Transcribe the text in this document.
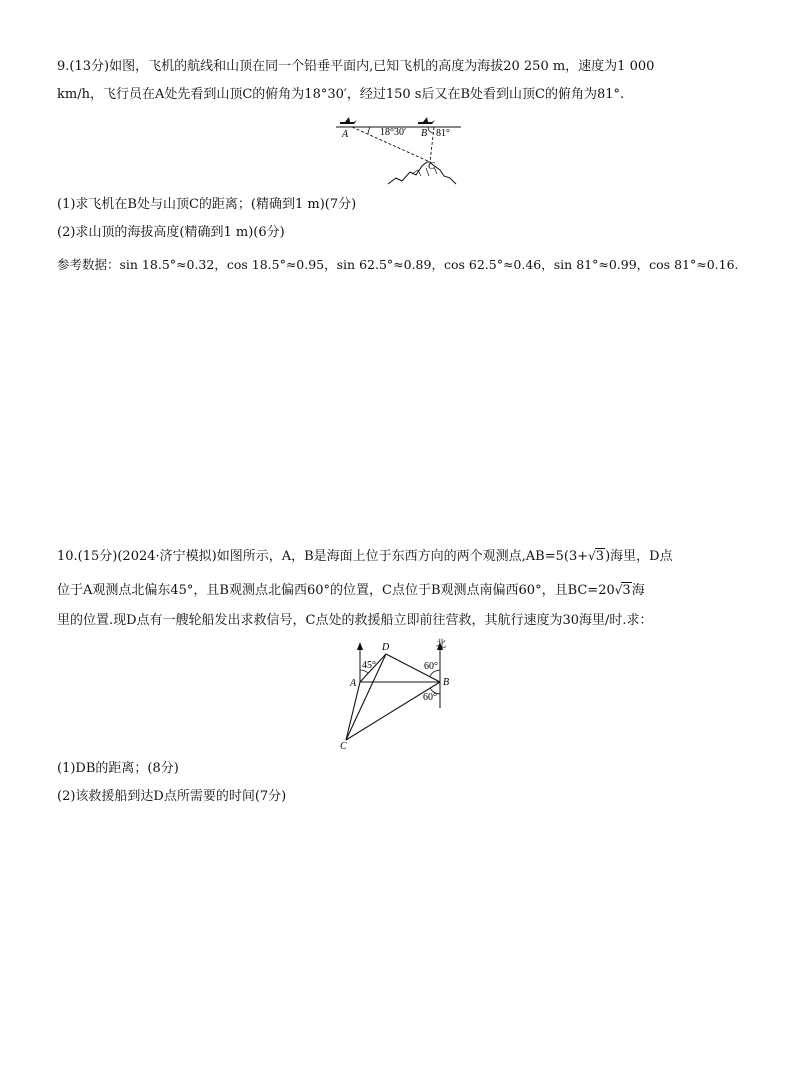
9.(13分)如图，飞机的航线和山顶在同一个铅垂平面内,已知飞机的高度为海拔20 250 m，速度为1 000
km/h，飞行员在A处先看到山顶C的俯角为18°30′，经过150 s后又在B处看到山顶C的俯角为81°.
A	18°30′ B 81°
C
(1)求飞机在B处与山顶C的距离；(精确到1 m)(7分)
(2)求山顶的海拔高度(精确到1 m)(6分)
参考数据：sin 18.5°≈0.32，cos 18.5°≈0.95，sin 62.5°≈0.89，cos 62.5°≈0.46，sin 81°≈0.99，cos 81°≈0.16.
10.(15分)(2024·济宁模拟)如图所示，A，B是海面上位于东西方向的两个观测点,AB=5(3+√3)海里，D点
位于A观测点北偏东45°，且B观测点北偏西60°的位置，C点位于B观测点南偏西60°，且BC=20√3海
里的位置.现D点有一艘轮船发出求救信号，C点处的救援船立即前往营救，其航行速度为30海里/时.求：
D	北
45°	60°
A	B
60°
C
(1)DB的距离；(8分)
(2)该救援船到达D点所需要的时间(7分)
